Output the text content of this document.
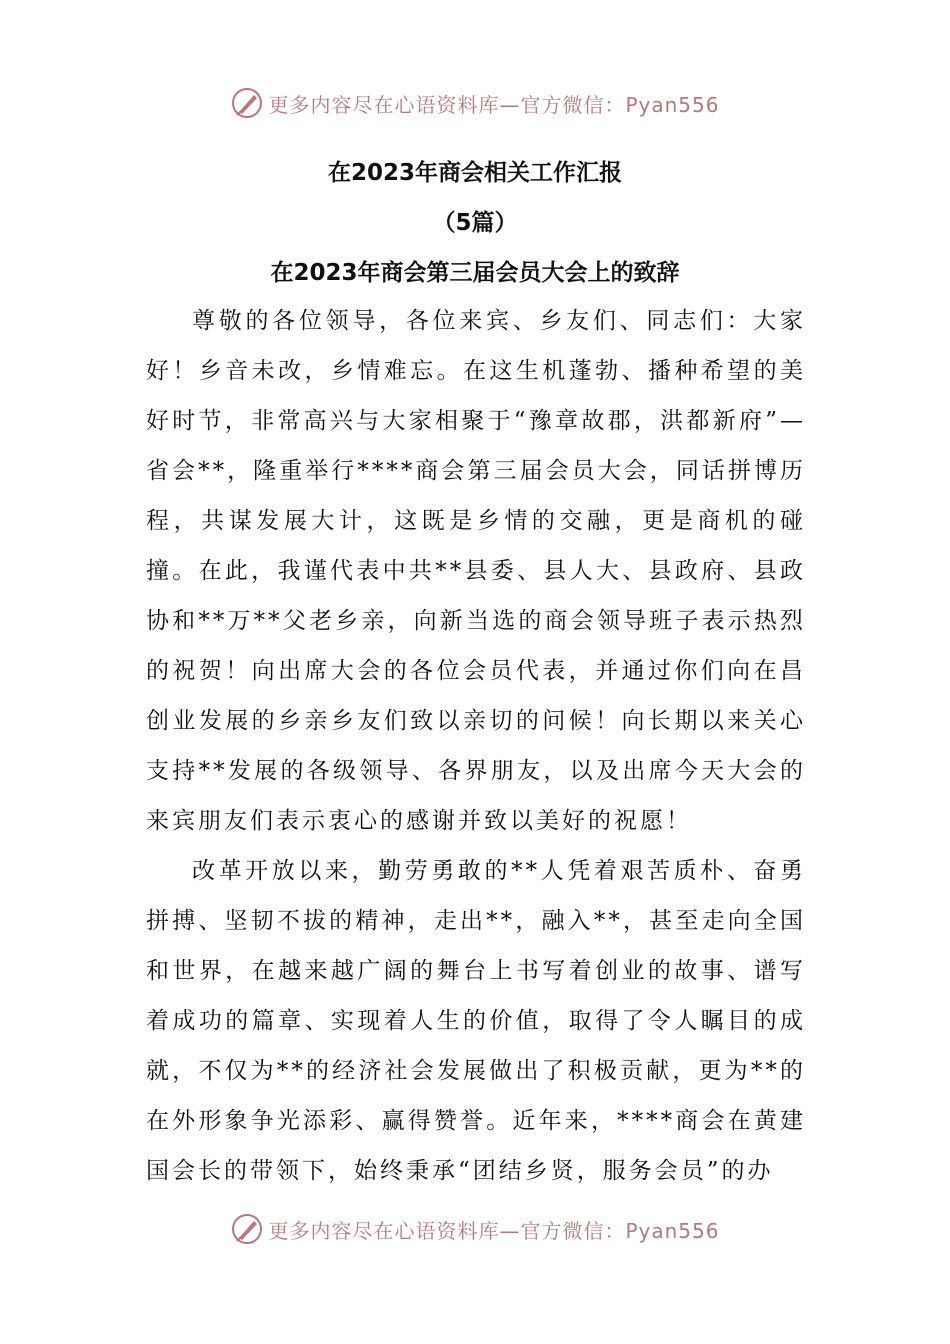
更多内容尽在心语资料库—官方微信：Pyan556
在2023年商会相关工作汇报
（5篇）
在2023年商会第三届会员大会上的致辞

尊敬的各位领导，各位来宾、乡友们、同志们：大家好！乡音未改，乡情难忘。在这生机蓬勃、播种希望的美好时节，非常高兴与大家相聚于“豫章故郡，洪都新府”—省会**，隆重举行****商会第三届会员大会，同话拼博历程，共谋发展大计，这既是乡情的交融，更是商机的碰撞。在此，我谨代表中共**县委、县人大、县政府、县政协和**万**父老乡亲，向新当选的商会领导班子表示热烈的祝贺！向出席大会的各位会员代表，并通过你们向在昌创业发展的乡亲乡友们致以亲切的问候！向长期以来关心支持**发展的各级领导、各界朋友，以及出席今天大会的来宾朋友们表示衷心的感谢并致以美好的祝愿！

改革开放以来，勤劳勇敢的**人凭着艰苦质朴、奋勇拼搏、坚韧不拔的精神，走出**，融入**，甚至走向全国和世界，在越来越广阔的舞台上书写着创业的故事、谱写着成功的篇章、实现着人生的价值，取得了令人瞩目的成就，不仅为**的经济社会发展做出了积极贡献，更为**的在外形象争光添彩、赢得赞誉。近年来，****商会在黄建国会长的带领下，始终秉承“团结乡贤，服务会员”的办

更多内容尽在心语资料库—官方微信：Pyan556
